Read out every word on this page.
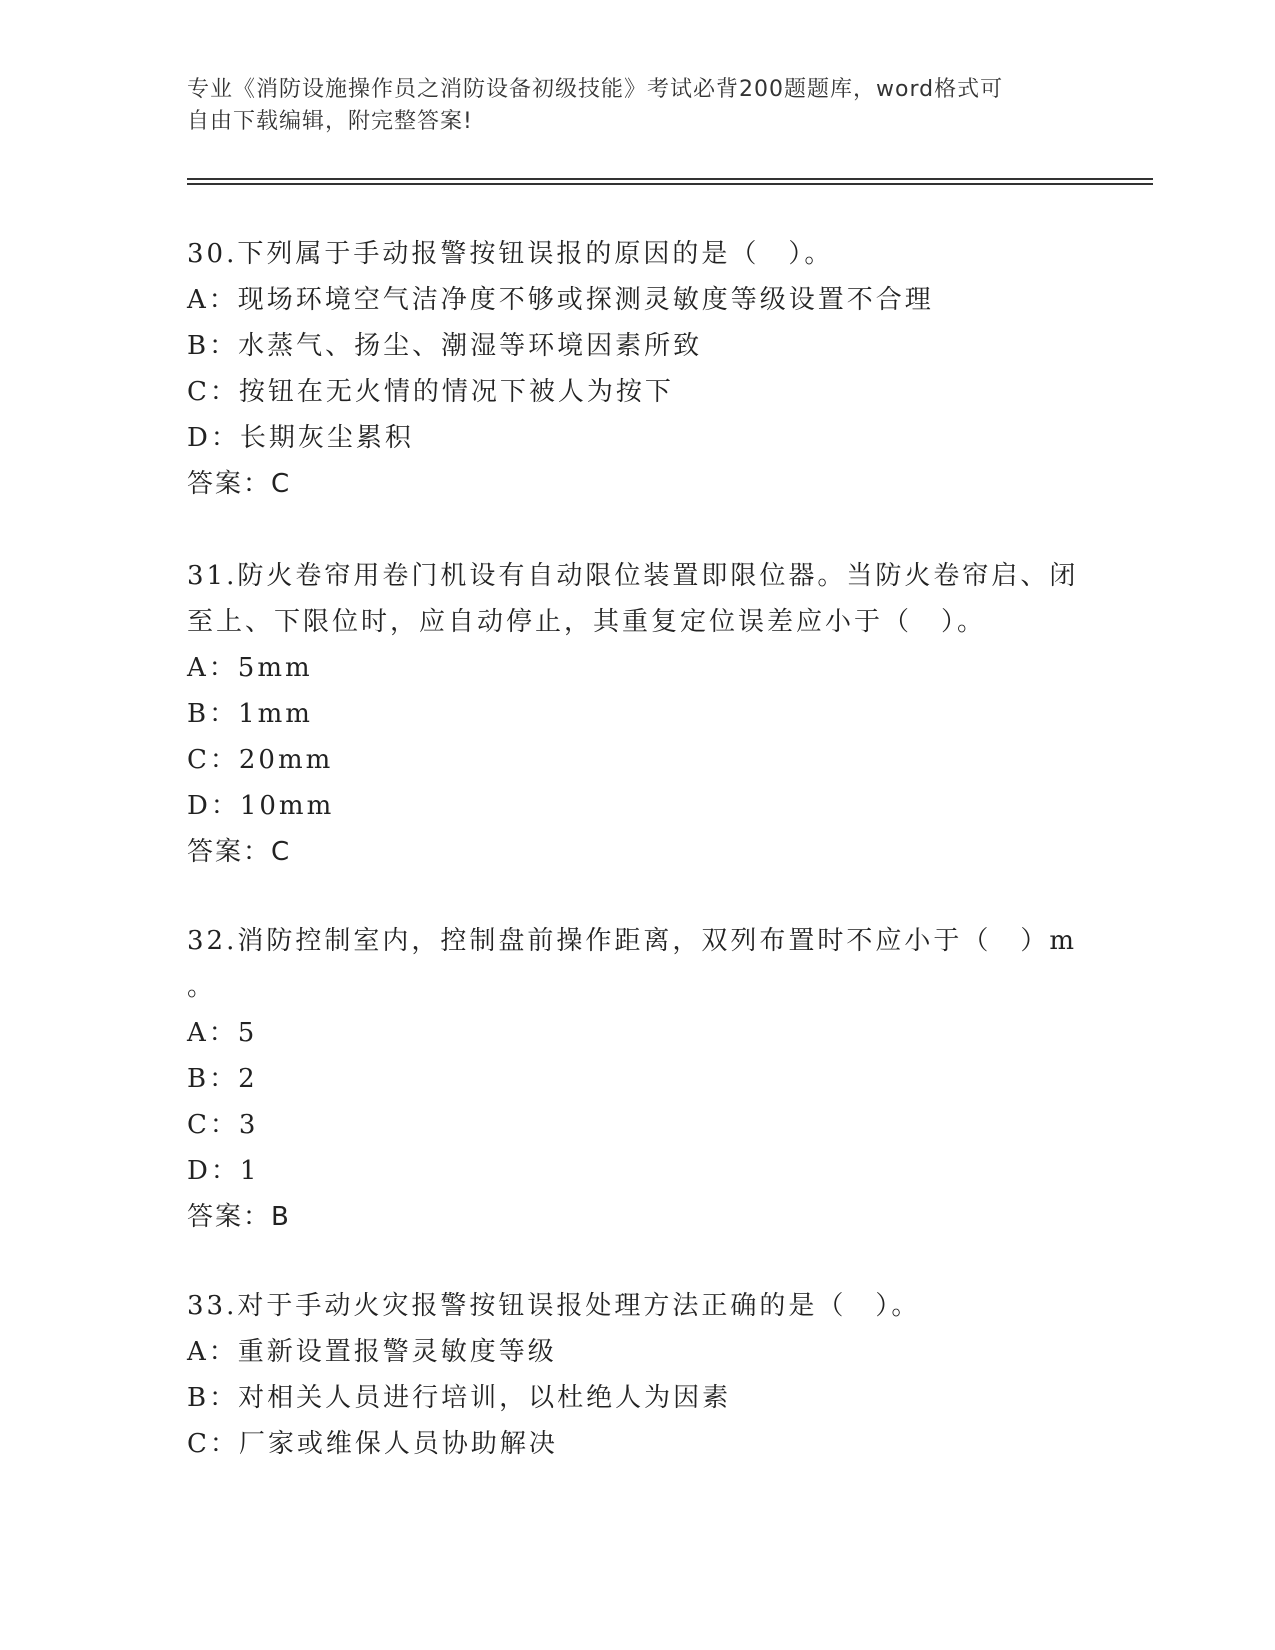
专业《消防设施操作员之消防设备初级技能》考试必背200题题库，word格式可
自由下载编辑，附完整答案!

30.下列属于手动报警按钮误报的原因的是（　）。

A：现场环境空气洁净度不够或探测灵敏度等级设置不合理

B：水蒸气、扬尘、潮湿等环境因素所致

C：按钮在无火情的情况下被人为按下

D：长期灰尘累积

答案：C

31.防火卷帘用卷门机设有自动限位装置即限位器。当防火卷帘启、闭

至上、下限位时，应自动停止，其重复定位误差应小于（　）。

A：5mm

B：1mm

C：20mm

D：10mm

答案：C

32.消防控制室内，控制盘前操作距离，双列布置时不应小于（　）m

。

A：5

B：2

C：3

D：1

答案：B

33.对于手动火灾报警按钮误报处理方法正确的是（　）。

A：重新设置报警灵敏度等级

B：对相关人员进行培训，以杜绝人为因素

C：厂家或维保人员协助解决
